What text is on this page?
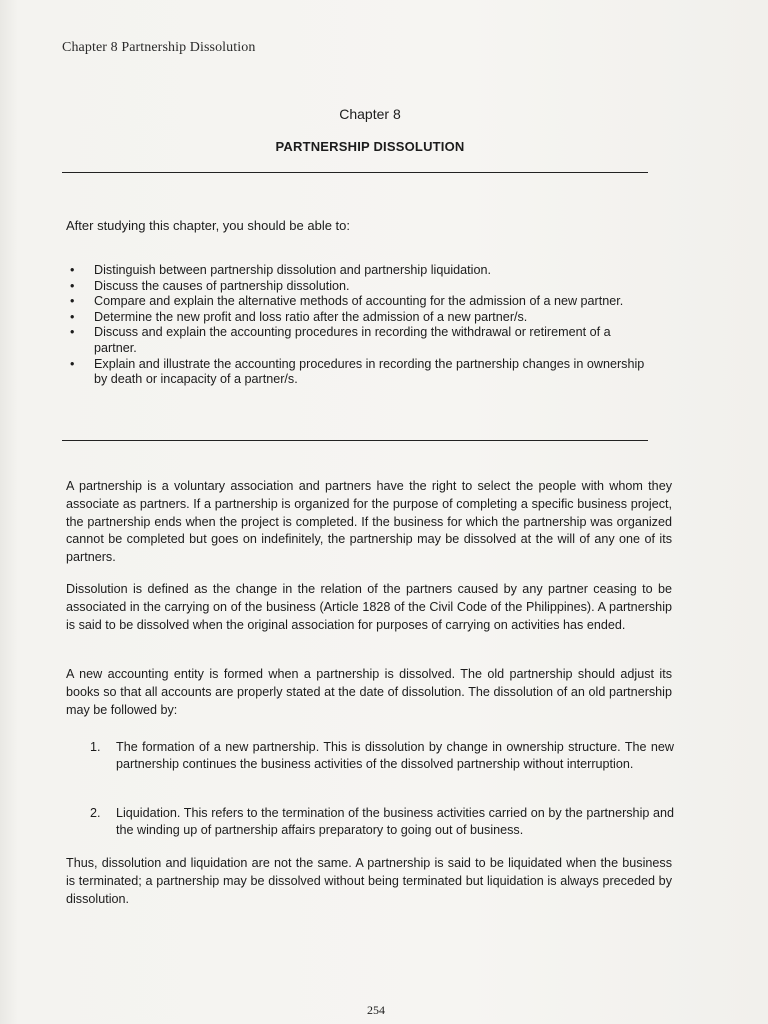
Chapter 8 Partnership Dissolution
Chapter 8
PARTNERSHIP DISSOLUTION
After studying this chapter, you should be able to:
• Distinguish between partnership dissolution and partnership liquidation.
• Discuss the causes of partnership dissolution.
• Compare and explain the alternative methods of accounting for the admission of a new partner.
• Determine the new profit and loss ratio after the admission of a new partner/s.
• Discuss and explain the accounting procedures in recording the withdrawal or retirement of a partner.
• Explain and illustrate the accounting procedures in recording the partnership changes in ownership by death or incapacity of a partner/s.

A partnership is a voluntary association and partners have the right to select the people with whom they associate as partners. If a partnership is organized for the purpose of completing a specific business project, the partnership ends when the project is completed. If the business for which the partnership was organized cannot be completed but goes on indefinitely, the partnership may be dissolved at the will of any one of its partners.

Dissolution is defined as the change in the relation of the partners caused by any partner ceasing to be associated in the carrying on of the business (Article 1828 of the Civil Code of the Philippines). A partnership is said to be dissolved when the original association for purposes of carrying on activities has ended.

A new accounting entity is formed when a partnership is dissolved. The old partnership should adjust its books so that all accounts are properly stated at the date of dissolution. The dissolution of an old partnership may be followed by:

1.	The formation of a new partnership. This is dissolution by change in ownership structure. The new partnership continues the business activities of the dissolved partnership without interruption.
2.	Liquidation. This refers to the termination of the business activities carried on by the partnership and the winding up of partnership affairs preparatory to going out of business.

Thus, dissolution and liquidation are not the same. A partnership is said to be liquidated when the business is terminated; a partnership may be dissolved without being terminated but liquidation is always preceded by dissolution.

254
